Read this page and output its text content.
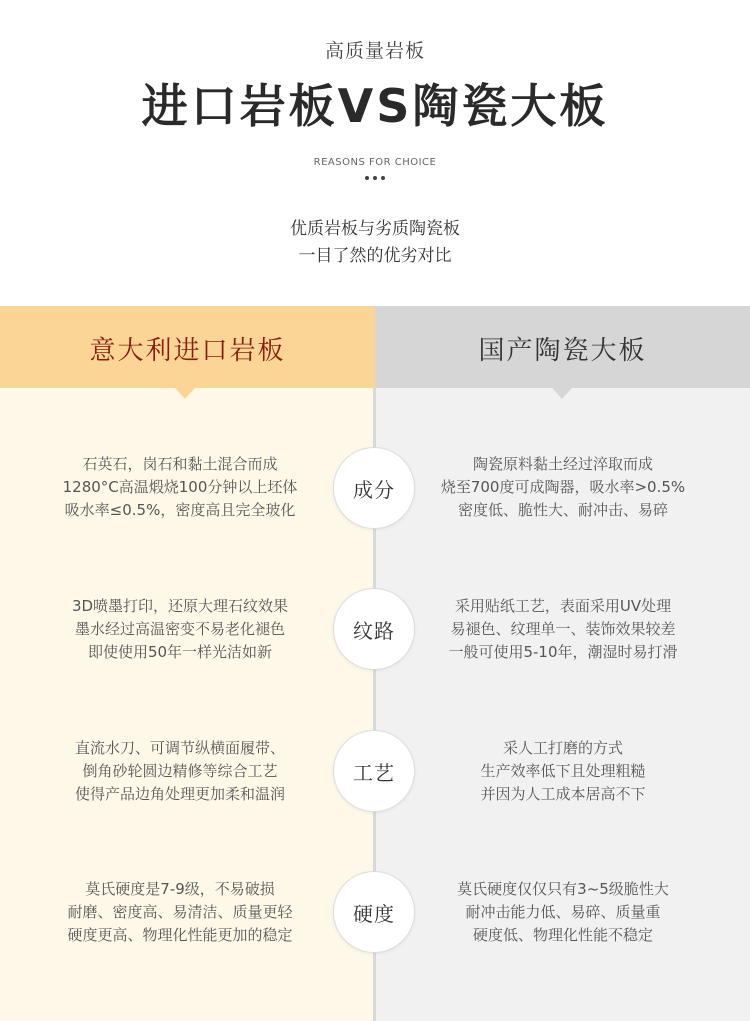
高质量岩板
进口岩板VS陶瓷大板
REASONS FOR CHOICE
优质岩板与劣质陶瓷板
一目了然的优劣对比
意大利进口岩板	国产陶瓷大板
石英石，岗石和黏土混合而成
1280°C高温煅烧100分钟以上坯体
吸水率≤0.5%，密度高且完全玻化
陶瓷原料黏土经过淬取而成
烧至700度可成陶器，吸水率>0.5%
密度低、脆性大、耐冲击、易碎
成分
3D喷墨打印，还原大理石纹效果
墨水经过高温密变不易老化褪色
即使使用50年一样光洁如新
采用贴纸工艺，表面采用UV处理
易褪色、纹理单一、装饰效果较差
一般可使用5-10年，潮湿时易打滑
纹路
直流水刀、可调节纵横面履带、
倒角砂轮圆边精修等综合工艺
使得产品边角处理更加柔和温润
采人工打磨的方式
生产效率低下且处理粗糙
并因为人工成本居高不下
工艺
莫氏硬度是7-9级，不易破损
耐磨、密度高、易清洁、质量更轻
硬度更高、物理化性能更加的稳定
莫氏硬度仅仅只有3~5级脆性大
耐冲击能力低、易碎、质量重
硬度低、物理化性能不稳定
硬度
